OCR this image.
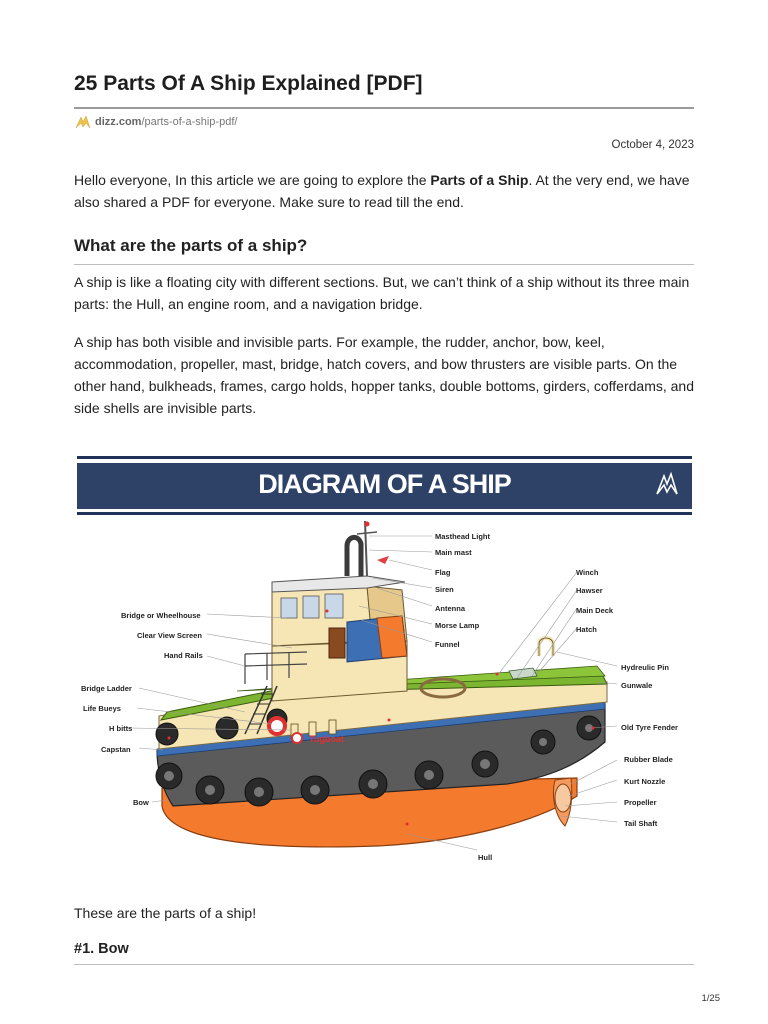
25 Parts Of A Ship Explained [PDF]
dizz.com /parts-of-a-ship-pdf/
October 4, 2023

Hello everyone, In this article we are going to explore the Parts of a Ship. At the very end, we have also shared a PDF for everyone. Make sure to read till the end.

What are the parts of a ship?

A ship is like a floating city with different sections. But, we can’t think of a ship without its three main parts: the Hull, an engine room, and a navigation bridge.

A ship has both visible and invisible parts. For example, the rudder, anchor, bow, keel, accommodation, propeller, mast, bridge, hatch covers, and bow thrusters are visible parts. On the other hand, bulkheads, frames, cargo holds, hopper tanks, double bottoms, girders, cofferdams, and side shells are invisible parts.

DIAGRAM OF A SHIP
Tugboat
Masthead Light
Main mast
Flag
Siren
Antenna
Morse Lamp
Funnel
Winch
Hawser
Main Deck
Hatch
Bridge or Wheelhouse
Clear View Screen
Hand Rails
Bridge Ladder
Life Bueys
H bitts
Capstan
Bow
Hull
Hydreulic Pin
Gunwale
Old Tyre Fender
Rubber Blade
Kurt Nozzle
Propeller
Tail Shaft

These are the parts of a ship!

#1. Bow
1/25
